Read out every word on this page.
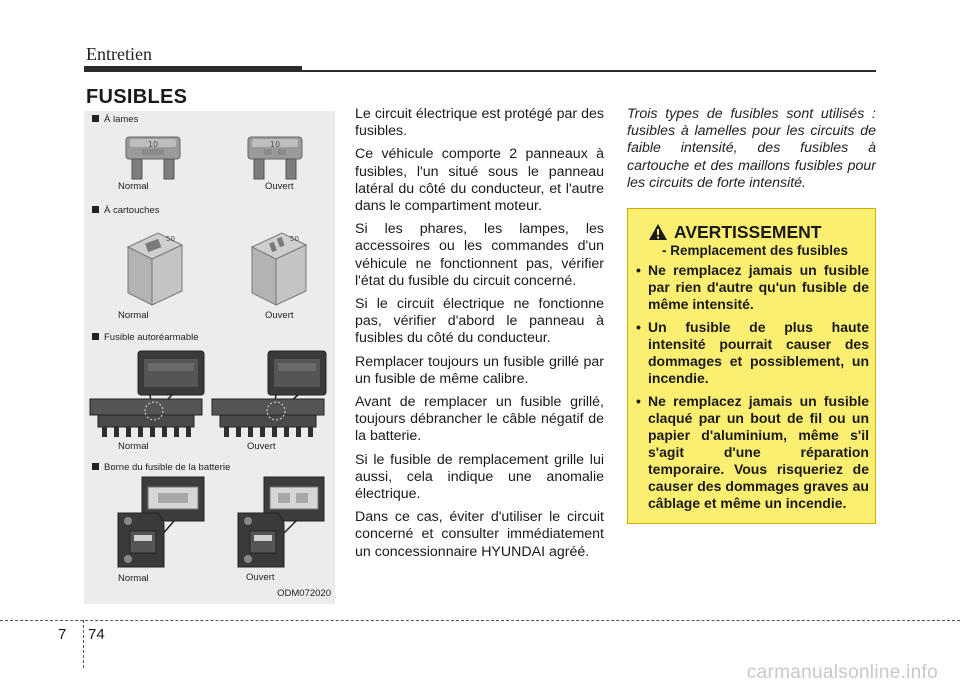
Entretien
FUSIBLES
À lames
10	10
Normal	Ouvert
À cartouches
50	50
Normal	Ouvert
Fusible autoréarmable
Normal	Ouvert
Borne du fusible de la batterie
Normal	Ouvert
ODM072020

Le circuit électrique est protégé par des fusibles.

Ce véhicule comporte 2 panneaux à fusibles, l'un situé sous le panneau latéral du côté du conducteur, et l'autre dans le compartiment moteur.

Si les phares, les lampes, les accessoires ou les commandes d'un véhicule ne fonctionnent pas, vérifier l'état du fusible du circuit concerné.

Si le circuit électrique ne fonctionne pas, vérifier d'abord le panneau à fusibles du côté du conducteur.

Remplacer toujours un fusible grillé par un fusible de même calibre.

Avant de remplacer un fusible grillé, toujours débrancher le câble négatif de la batterie.

Si le fusible de remplacement grille lui aussi, cela indique une anomalie électrique.

Dans ce cas, éviter d'utiliser le circuit concerné et consulter immédiatement un concessionnaire HYUNDAI agréé.

Trois types de fusibles sont utilisés : fusibles à lamelles pour les circuits de faible intensité, des fusibles à cartouche et des maillons fusibles pour les circuits de forte intensité.
AVERTISSEMENT
- Remplacement des fusibles
• Ne remplacez jamais un fusible par rien d'autre qu'un fusible de même intensité.
• Un fusible de plus haute intensité pourrait causer des dommages et possiblement, un incendie.
• Ne remplacez jamais un fusible claqué par un bout de fil ou un papier d'aluminium, même s'il s'agit d'une réparation temporaire. Vous risqueriez de causer des dommages graves au câblage et même un incendie.
7 74
carmanualsonline.info
